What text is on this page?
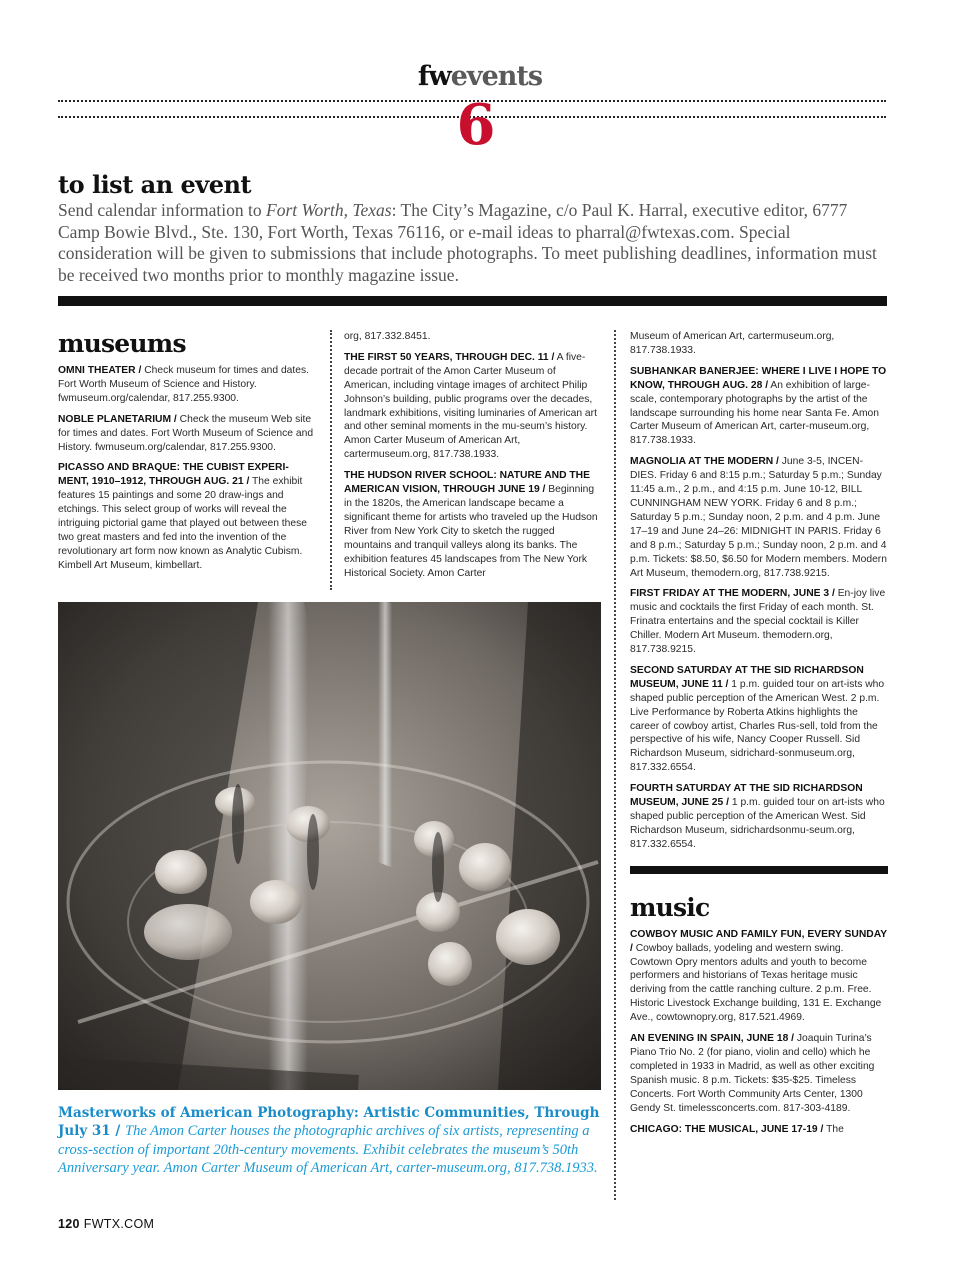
fwevents
6
to list an event
Send calendar information to Fort Worth, Texas: The City’s Magazine, c/o Paul K. Harral, executive editor, 6777 Camp Bowie Blvd., Ste. 130, Fort Worth, Texas 76116, or e-mail ideas to pharral@fwtexas.com. Special consideration will be given to submissions that include photographs. To meet publishing deadlines, information must be received two months prior to monthly magazine issue.
museums
OMNI THEATER / Check museum for times and dates. Fort Worth Museum of Science and History. fwmuseum.org/calendar, 817.255.9300.
NOBLE PLANETARIUM / Check the museum Web site for times and dates. Fort Worth Museum of Science and History. fwmuseum.org/calendar, 817.255.9300.
PICASSO AND BRAQUE: THE CUBIST EXPERI-MENT, 1910–1912, THROUGH AUG. 21 / The exhibit features 15 paintings and some 20 draw-ings and etchings. This select group of works will reveal the intriguing pictorial game that played out between these two great masters and fed into the invention of the revolutionary art form now known as Analytic Cubism. Kimbell Art Museum, kimbellart.
org, 817.332.8451.
THE FIRST 50 YEARS, THROUGH DEC. 11 / A five-decade portrait of the Amon Carter Museum of American, including vintage images of architect Philip Johnson’s building, public programs over the decades, landmark exhibitions, visiting luminaries of American art and other seminal moments in the mu-seum’s history. Amon Carter Museum of American Art, cartermuseum.org, 817.738.1933.
THE HUDSON RIVER SCHOOL: NATURE AND THE AMERICAN VISION, THROUGH JUNE 19 / Beginning in the 1820s, the American landscape became a significant theme for artists who traveled up the Hudson River from New York City to sketch the rugged mountains and tranquil valleys along its banks. The exhibition features 45 landscapes from The New York Historical Society. Amon Carter
Museum of American Art, cartermuseum.org, 817.738.1933.
SUBHANKAR BANERJEE: WHERE I LIVE I HOPE TO KNOW, THROUGH AUG. 28 / An exhibition of large-scale, contemporary photographs by the artist of the landscape surrounding his home near Santa Fe. Amon Carter Museum of American Art, carter-museum.org, 817.738.1933.
MAGNOLIA AT THE MODERN / June 3-5, INCEN-DIES. Friday 6 and 8:15 p.m.; Saturday 5 p.m.; Sunday 11:45 a.m., 2 p.m., and 4:15 p.m. June 10-12, BILL CUNNINGHAM NEW YORK. Friday 6 and 8 p.m.; Saturday 5 p.m.; Sunday noon, 2 p.m. and 4 p.m. June 17–19 and June 24–26: MIDNIGHT IN PARIS. Friday 6 and 8 p.m.; Saturday 5 p.m.; Sunday noon, 2 p.m. and 4 p.m. Tickets: $8.50, $6.50 for Modern members. Modern Art Museum, themodern.org, 817.738.9215.
FIRST FRIDAY AT THE MODERN, JUNE 3 / En-joy live music and cocktails the first Friday of each month. St. Frinatra entertains and the special cocktail is Killer Chiller. Modern Art Museum. themodern.org, 817.738.9215.
SECOND SATURDAY AT THE SID RICHARDSON MUSEUM, JUNE 11 / 1 p.m. guided tour on art-ists who shaped public perception of the American West. 2 p.m. Live Performance by Roberta Atkins highlights the career of cowboy artist, Charles Rus-sell, told from the perspective of his wife, Nancy Cooper Russell. Sid Richardson Museum, sidrichard-sonmuseum.org, 817.332.6554.
FOURTH SATURDAY AT THE SID RICHARDSON MUSEUM, JUNE 25 / 1 p.m. guided tour on art-ists who shaped public perception of the American West. Sid Richardson Museum, sidrichardsonmu-seum.org, 817.332.6554.
music
COWBOY MUSIC AND FAMILY FUN, EVERY SUNDAY / Cowboy ballads, yodeling and western swing. Cowtown Opry mentors adults and youth to become performers and historians of Texas heritage music deriving from the cattle ranching culture. 2 p.m. Free. Historic Livestock Exchange building, 131 E. Exchange Ave., cowtownopry.org, 817.521.4969.
AN EVENING IN SPAIN, JUNE 18 / Joaquin Turina’s Piano Trio No. 2 (for piano, violin and cello) which he completed in 1933 in Madrid, as well as other exciting Spanish music. 8 p.m. Tickets: $35-$25. Timeless Concerts. Fort Worth Community Arts Center, 1300 Gendy St. timelessconcerts.com. 817-303-4189.
CHICAGO: THE MUSICAL, JUNE 17-19 / The
Masterworks of American Photography: Artistic Communities, Through July 31 / The Amon Carter houses the photographic archives of six artists, representing a cross-section of important 20th-century movements. Exhibit celebrates the museum’s 50th Anniversary year. Amon Carter Museum of American Art, carter-museum.org, 817.738.1933.
120 FWTX.COM
